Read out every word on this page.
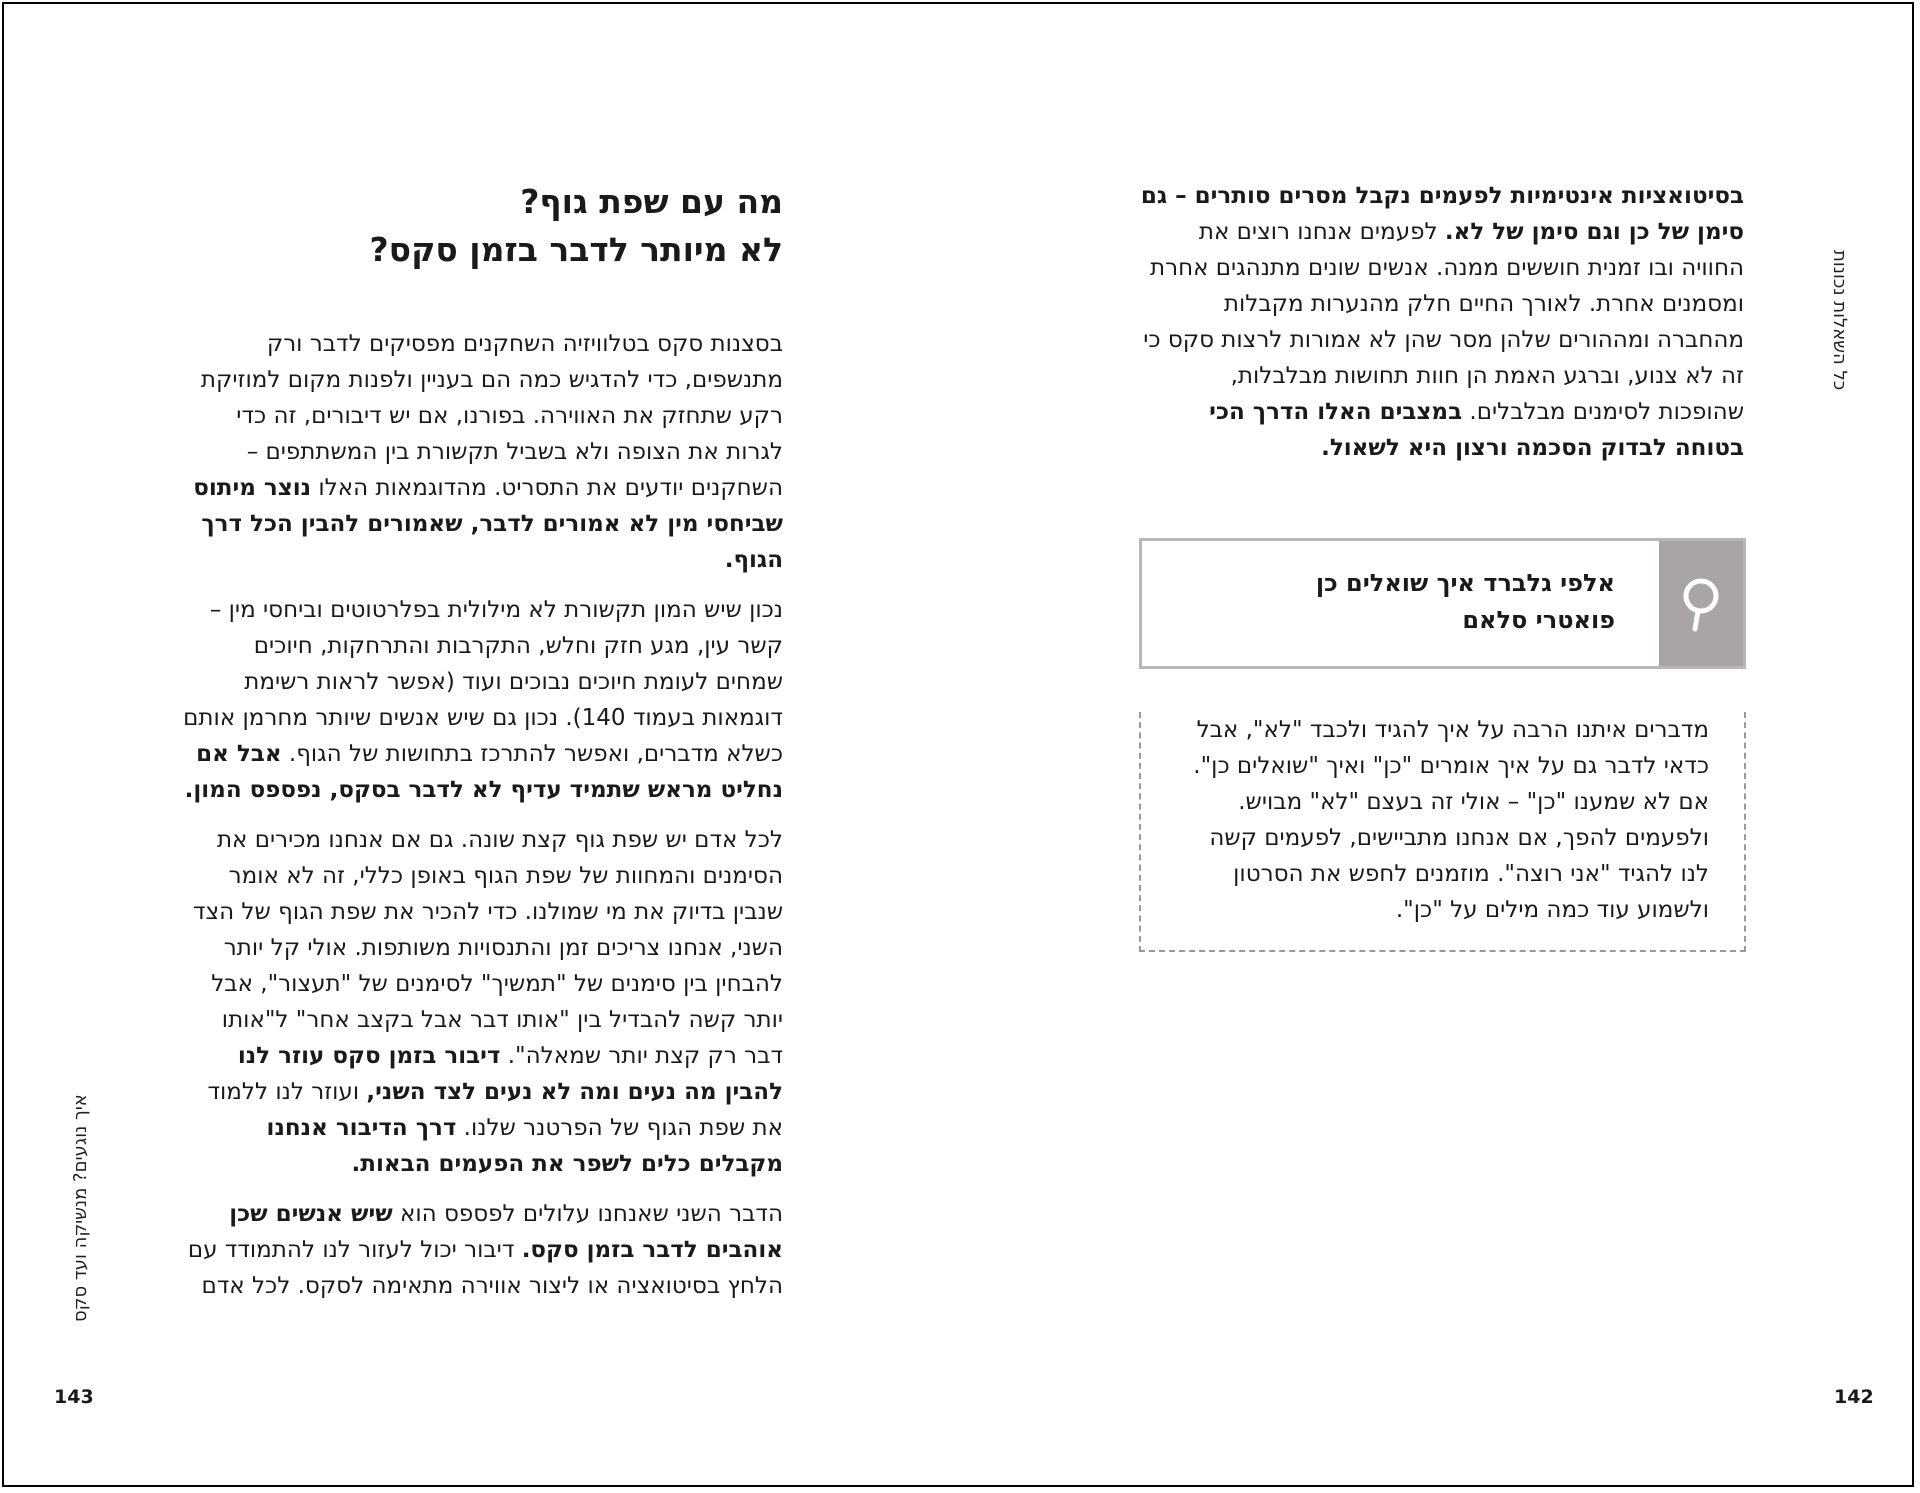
כל השאלות נכונות

בסיטואציות אינטימיות לפעמים נקבל מסרים סותרים – גם סימן של כן וגם סימן של לא. לפעמים אנחנו רוצים את החוויה ובו זמנית חוששים ממנה. אנשים שונים מתנהגים אחרת ומסמנים אחרת. לאורך החיים חלק מהנערות מקבלות מהחברה ומההורים שלהן מסר שהן לא אמורות לרצות סקס כי זה לא צנוע, וברגע האמת הן חוות תחושות מבלבלות, שהופכות לסימנים מבלבלים. במצבים האלו הדרך הכי בטוחה לבדוק הסכמה ורצון היא לשאול.

אלפי גלברד איך שואלים כן פואטרי סלאם

מדברים איתנו הרבה על איך להגיד ולכבד "לא", אבל כדאי לדבר גם על איך אומרים "כן" ואיך "שואלים כן". אם לא שמענו "כן" – אולי זה בעצם "לא" מבויש. ולפעמים להפך, אם אנחנו מתביישים, לפעמים קשה לנו להגיד "אני רוצה". מוזמנים לחפש את הסרטון ולשמוע עוד כמה מילים על "כן".

142
איך נוגעים? מנשיקה ועד סקס

מה עם שפת גוף?

לא מיותר לדבר בזמן סקס?

בסצנות סקס בטלוויזיה השחקנים מפסיקים לדבר ורק מתנשפים, כדי להדגיש כמה הם בעניין ולפנות מקום למוזיקת רקע שתחזק את האווירה. בפורנו, אם יש דיבורים, זה כדי לגרות את הצופה ולא בשביל תקשורת בין המשתתפים – השחקנים יודעים את התסריט. מהדוגמאות האלו נוצר מיתוס שביחסי מין לא אמורים לדבר, שאמורים להבין הכל דרך הגוף.

נכון שיש המון תקשורת לא מילולית בפלרטוטים וביחסי מין – קשר עין, מגע חזק וחלש, התקרבות והתרחקות, חיוכים שמחים לעומת חיוכים נבוכים ועוד (אפשר לראות רשימת דוגמאות בעמוד 140). נכון גם שיש אנשים שיותר מחרמן אותם כשלא מדברים, ואפשר להתרכז בתחושות של הגוף. אבל אם נחליט מראש שתמיד עדיף לא לדבר בסקס, נפספס המון.

לכל אדם יש שפת גוף קצת שונה. גם אם אנחנו מכירים את הסימנים והמחוות של שפת הגוף באופן כללי, זה לא אומר שנבין בדיוק את מי שמולנו. כדי להכיר את שפת הגוף של הצד השני, אנחנו צריכים זמן והתנסויות משותפות. אולי קל יותר להבחין בין סימנים של "תמשיך" לסימנים של "תעצור", אבל יותר קשה להבדיל בין "אותו דבר אבל בקצב אחר" ל"אותו דבר רק קצת יותר שמאלה". דיבור בזמן סקס עוזר לנו להבין מה נעים ומה לא נעים לצד השני, ועוזר לנו ללמוד את שפת הגוף של הפרטנר שלנו. דרך הדיבור אנחנו מקבלים כלים לשפר את הפעמים הבאות.

הדבר השני שאנחנו עלולים לפספס הוא שיש אנשים שכן אוהבים לדבר בזמן סקס. דיבור יכול לעזור לנו להתמודד עם הלחץ בסיטואציה או ליצור אווירה מתאימה לסקס. לכל אדם

143
